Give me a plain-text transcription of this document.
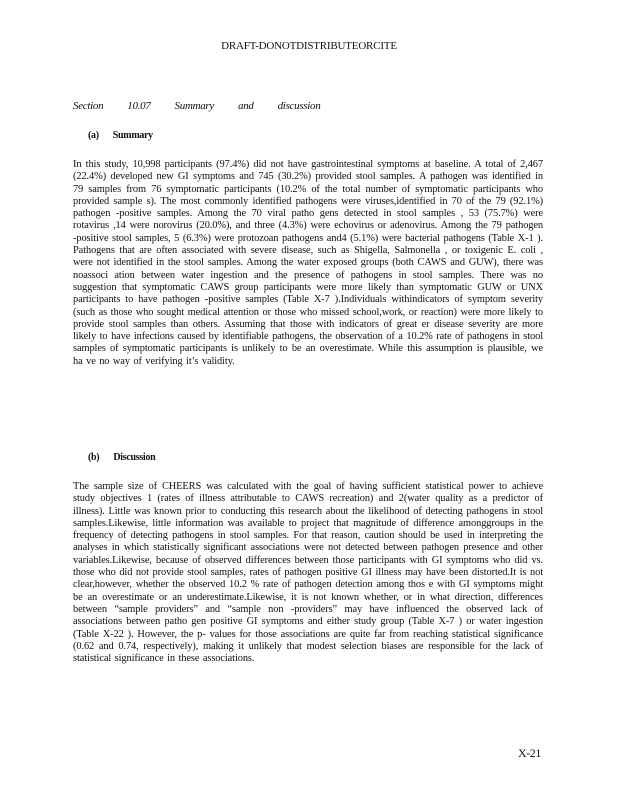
DRAFT-DONOTDISTRIBUTEORCITE
Section 10.07 Summary and discussion
(a) Summary
In this study, 10,998 participants (97.4%) did not have gastrointestinal symptoms at baseline. A total of 2,467 (22.4%) developed new GI symptoms and 745 (30.2%) provided stool samples. A pathogen was identified in 79 samples from 76 symptomatic participants (10.2% of the total number of symptomatic participants who provided sample s). The most commonly identified pathogens were viruses,identified in 70 of the 79 (92.1%) pathogen -positive samples. Among the 70 viral patho gens detected in stool samples , 53 (75.7%) were rotavirus ,14 were norovirus (20.0%), and three (4.3%) were echovirus or adenovirus. Among the 79 pathogen -positive stool samples, 5 (6.3%) were protozoan pathogens and4 (5.1%) were bacterial pathogens (Table X-1 ). Pathogens that are often associated with severe disease, such as Shigella, Salmonella , or toxigenic E. coli , were not identified in the stool samples. Among the water exposed groups (both CAWS and GUW), there was noassoci ation between water ingestion and the presence of pathogens in stool samples. There was no suggestion that symptomatic CAWS group participants were more likely than symptomatic GUW or UNX participants to have pathogen -positive samples (Table X-7 ).Individuals withindicators of symptom severity (such as those who sought medical attention or those who missed school,work, or reaction) were more likely to provide stool samples than others. Assuming that those with indicators of great er disease severity are more likely to have infections caused by identifiable pathogens, the observation of a 10.2% rate of pathogens in stool samples of symptomatic participants is unlikely to be an overestimate. While this assumption is plausible, we ha ve no way of verifying it’s validity.
(b) Discussion
The sample size of CHEERS was calculated with the goal of having sufficient statistical power to achieve study objectives 1 (rates of illness attributable to CAWS recreation) and 2(water quality as a predictor of illness). Little was known prior to conducting this research about the likelihood of detecting pathogens in stool samples.Likewise, little information was available to project that magnitude of difference amonggroups in the frequency of detecting pathogens in stool samples. For that reason, caution should be used in interpreting the analyses in which statistically significant associations were not detected between pathogen presence and other variables.Likewise, because of observed differences between those participants with GI symptoms who did vs. those who did not provide stool samples, rates of pathogen positive GI illness may have been distorted.It is not clear,however, whether the observed 10.2 % rate of pathogen detection among thos e with GI symptoms might be an overestimate or an underestimate.Likewise, it is not known whether, or in what direction, differences between “sample providers” and “sample non -providers” may have influenced the observed lack of associations between patho gen positive GI symptoms and either study group (Table X-7 ) or water ingestion (Table X-22 ). However, the p- values for those associations are quite far from reaching statistical significance (0.62 and 0.74, respectively), making it unlikely that modest selection biases are responsible for the lack of statistical significance in these associations.
X-21
